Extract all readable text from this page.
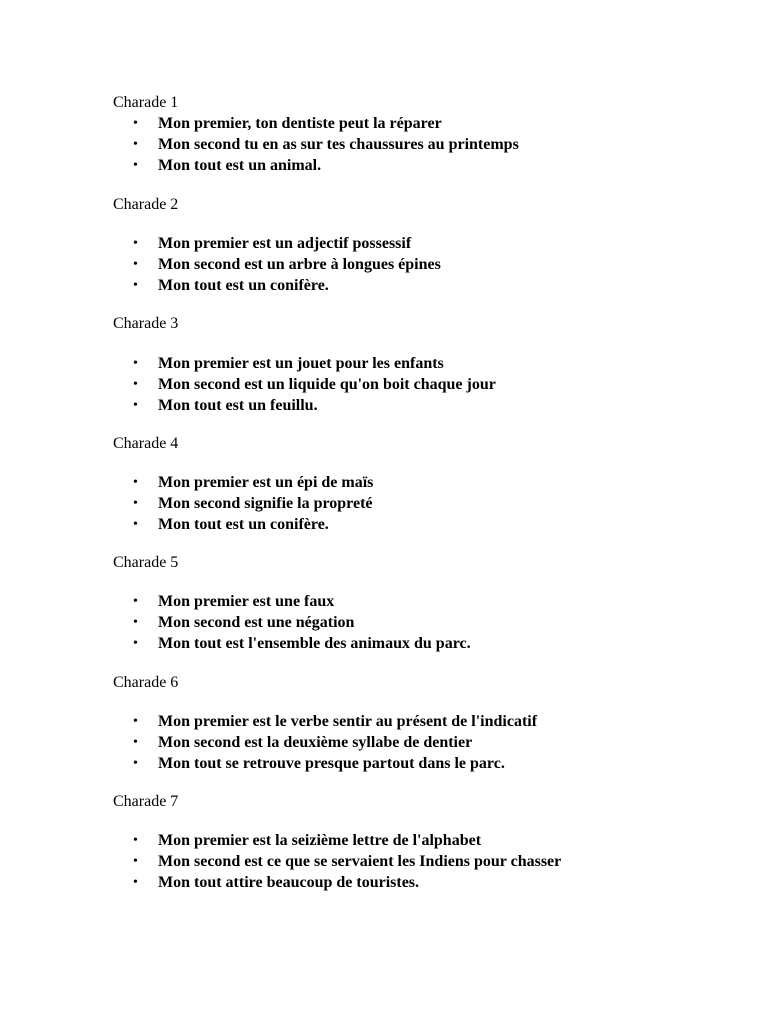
Charade 1
• Mon premier, ton dentiste peut la réparer
• Mon second tu en as sur tes chaussures au printemps
• Mon tout est un animal.
Charade 2
• Mon premier est un adjectif possessif
• Mon second est un arbre à longues épines
• Mon tout est un conifère.
Charade 3
• Mon premier est un jouet pour les enfants
• Mon second est un liquide qu'on boit chaque jour
• Mon tout est un feuillu.
Charade 4
• Mon premier est un épi de maïs
• Mon second signifie la propreté
• Mon tout est un conifère.
Charade 5
• Mon premier est une faux
• Mon second est une négation
• Mon tout est l'ensemble des animaux du parc.
Charade 6
• Mon premier est le verbe sentir au présent de l'indicatif
• Mon second est la deuxième syllabe de dentier
• Mon tout se retrouve presque partout dans le parc.
Charade 7
• Mon premier est la seizième lettre de l'alphabet
• Mon second est ce que se servaient les Indiens pour chasser
• Mon tout attire beaucoup de touristes.
